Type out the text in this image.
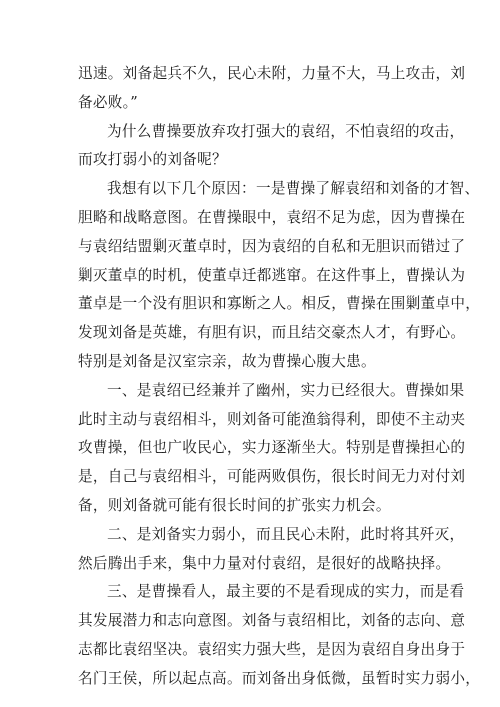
迅速。刘备起兵不久，民心未附，力量不大，马上攻击，刘
备必败。”
为什么曹操要放弃攻打强大的袁绍，不怕袁绍的攻击，
而攻打弱小的刘备呢？
我想有以下几个原因：一是曹操了解袁绍和刘备的才智、
胆略和战略意图。在曹操眼中，袁绍不足为虑，因为曹操在
与袁绍结盟剿灭董卓时，因为袁绍的自私和无胆识而错过了
剿灭董卓的时机，使董卓迁都逃窜。在这件事上，曹操认为
董卓是一个没有胆识和寡断之人。相反，曹操在围剿董卓中，
发现刘备是英雄，有胆有识，而且结交豪杰人才，有野心。
特别是刘备是汉室宗亲，故为曹操心腹大患。
一、是袁绍已经兼并了幽州，实力已经很大。曹操如果
此时主动与袁绍相斗，则刘备可能渔翁得利，即使不主动夹
攻曹操，但也广收民心，实力逐渐坐大。特别是曹操担心的
是，自己与袁绍相斗，可能两败俱伤，很长时间无力对付刘
备，则刘备就可能有很长时间的扩张实力机会。
二、是刘备实力弱小，而且民心未附，此时将其歼灭，
然后腾出手来，集中力量对付袁绍，是很好的战略抉择。
三、是曹操看人，最主要的不是看现成的实力，而是看
其发展潜力和志向意图。刘备与袁绍相比，刘备的志向、意
志都比袁绍坚决。袁绍实力强大些，是因为袁绍自身出身于
名门王侯，所以起点高。而刘备出身低微，虽暂时实力弱小，
